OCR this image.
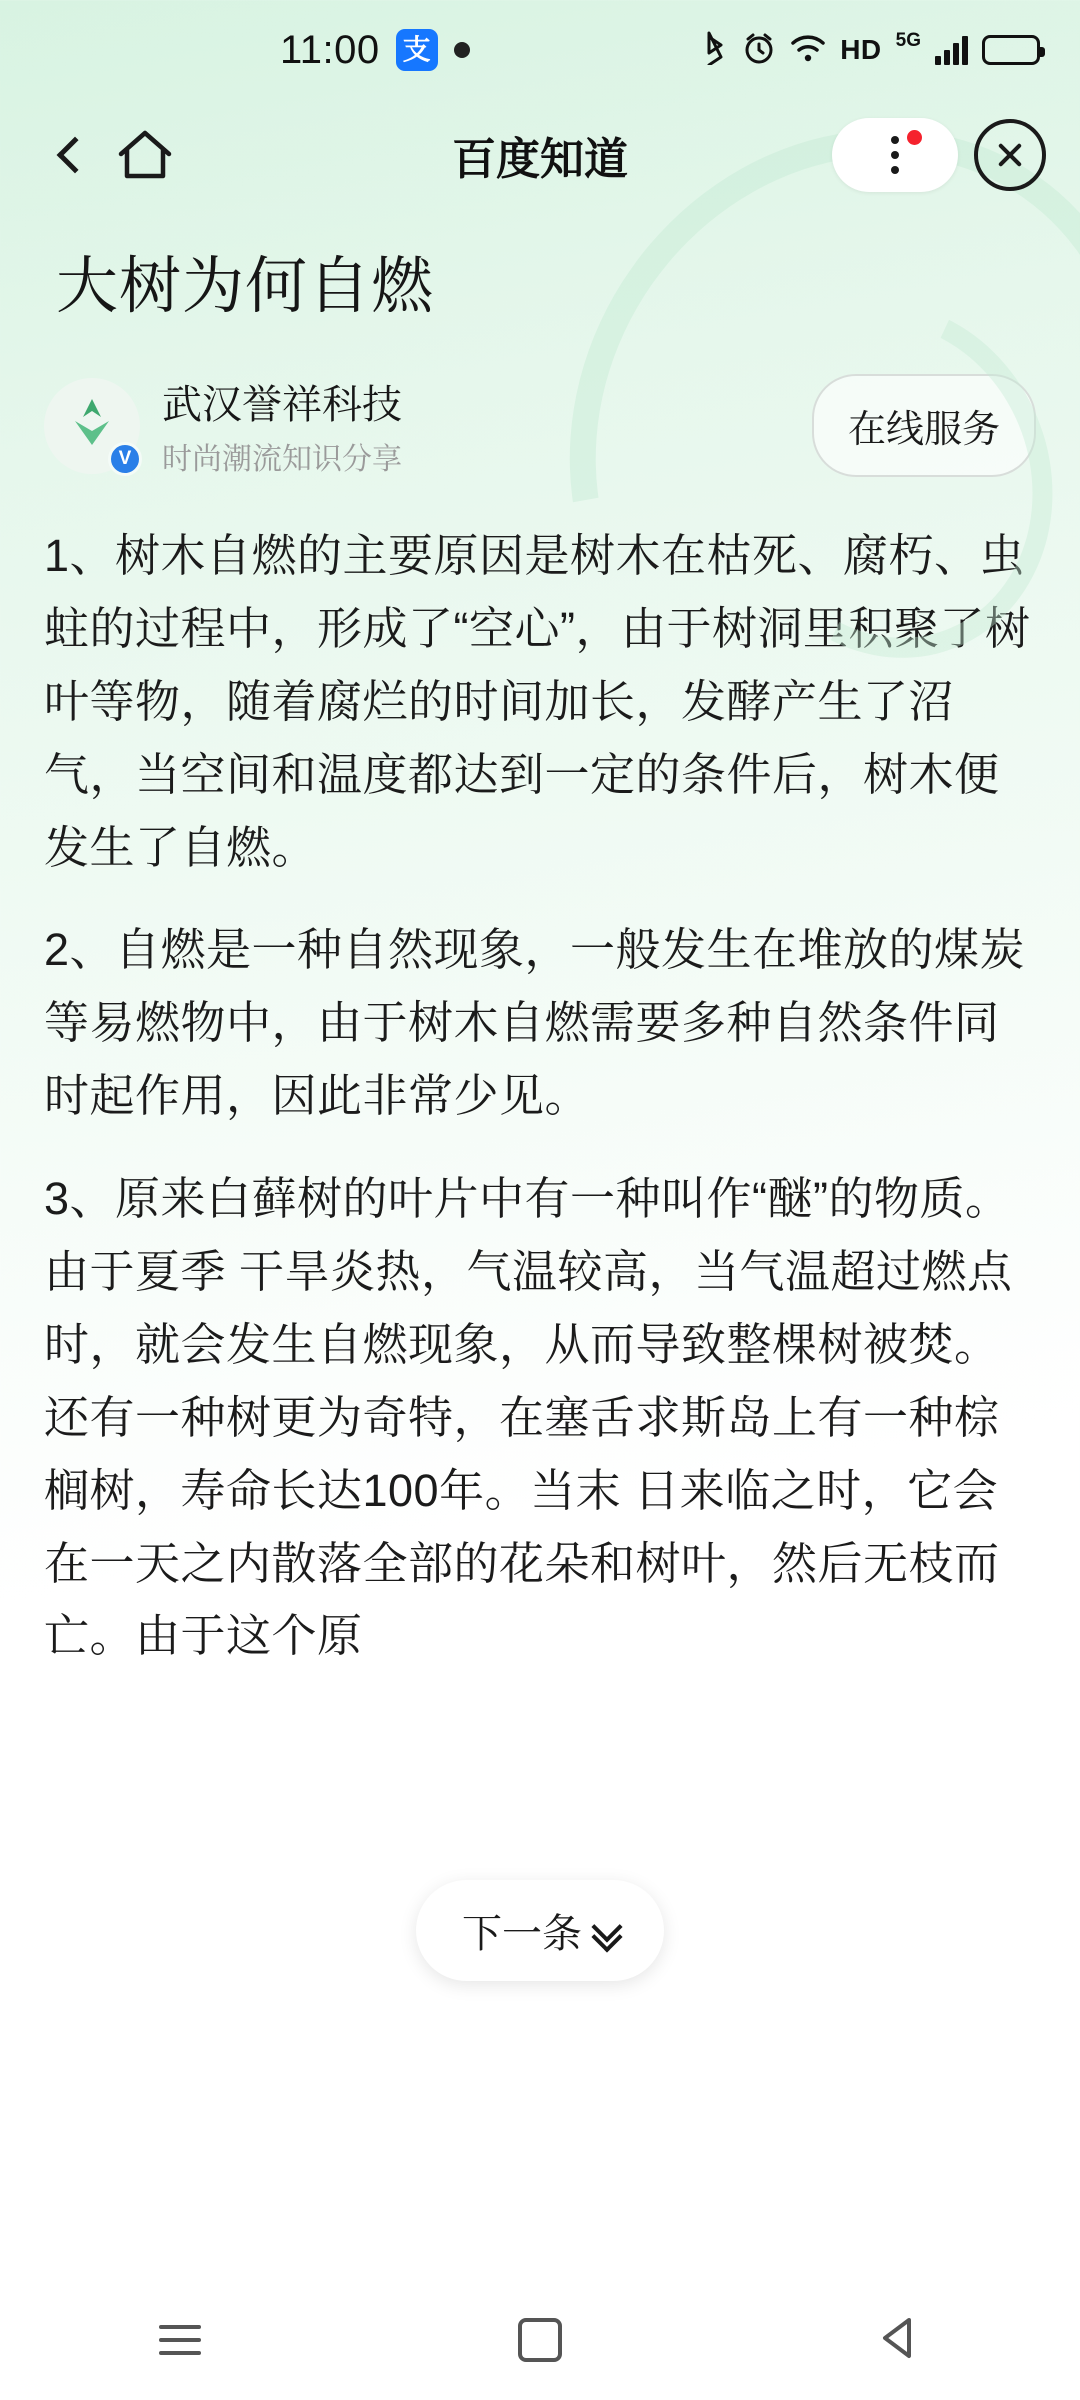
11:00 支	HD 5G
百度知道
大树为何自燃
V
武汉誉祥科技
时尚潮流知识分享
在线服务

1、树木自燃的主要原因是树木在枯死、腐朽、虫蛀的过程中，形成了“空心”，由于树洞里积聚了树叶等物，随着腐烂的时间加长，发酵产生了沼气，当空间和温度都达到一定的条件后，树木便发生了自燃。

2、自燃是一种自然现象，一般发生在堆放的煤炭等易燃物中，由于树木自燃需要多种自然条件同时起作用，因此非常少见。

3、原来白藓树的叶片中有一种叫作“醚”的物质。由于夏季 干旱炎热，气温较高，当气温超过燃点时，就会发生自燃现象，从而导致整棵树被焚。还有一种树更为奇特，在塞舌求斯岛上有一种棕榈树，寿命长达100年。当末 日来临之时，它会在一天之内散落全部的花朵和树叶，然后无枝而亡。由于这个原

下一条
